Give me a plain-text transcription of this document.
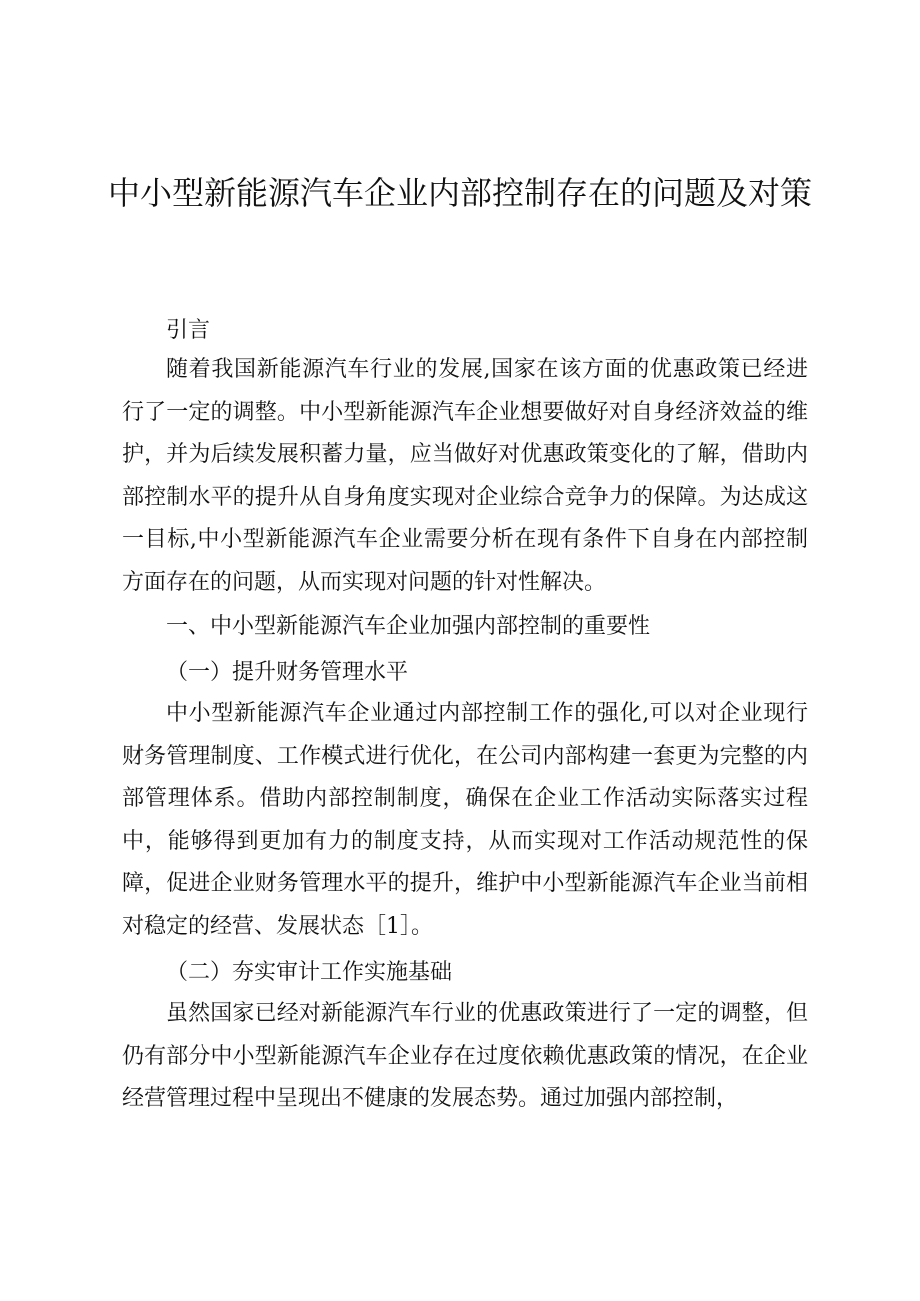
中小型新能源汽车企业内部控制存在的问题及对策

引言

随着我国新能源汽车行业的发展,国家在该方面的优惠政策已经进行了一定的调整。中小型新能源汽车企业想要做好对自身经济效益的维护，并为后续发展积蓄力量，应当做好对优惠政策变化的了解，借助内部控制水平的提升从自身角度实现对企业综合竞争力的保障。为达成这一目标,中小型新能源汽车企业需要分析在现有条件下自身在内部控制方面存在的问题，从而实现对问题的针对性解决。

一、中小型新能源汽车企业加强内部控制的重要性

（一）提升财务管理水平

中小型新能源汽车企业通过内部控制工作的强化,可以对企业现行财务管理制度、工作模式进行优化，在公司内部构建一套更为完整的内部管理体系。借助内部控制制度，确保在企业工作活动实际落实过程中，能够得到更加有力的制度支持，从而实现对工作活动规范性的保障，促进企业财务管理水平的提升，维护中小型新能源汽车企业当前相对稳定的经营、发展状态［1］。

（二）夯实审计工作实施基础

虽然国家已经对新能源汽车行业的优惠政策进行了一定的调整，但仍有部分中小型新能源汽车企业存在过度依赖优惠政策的情况，在企业经营管理过程中呈现出不健康的发展态势。通过加强内部控制，
